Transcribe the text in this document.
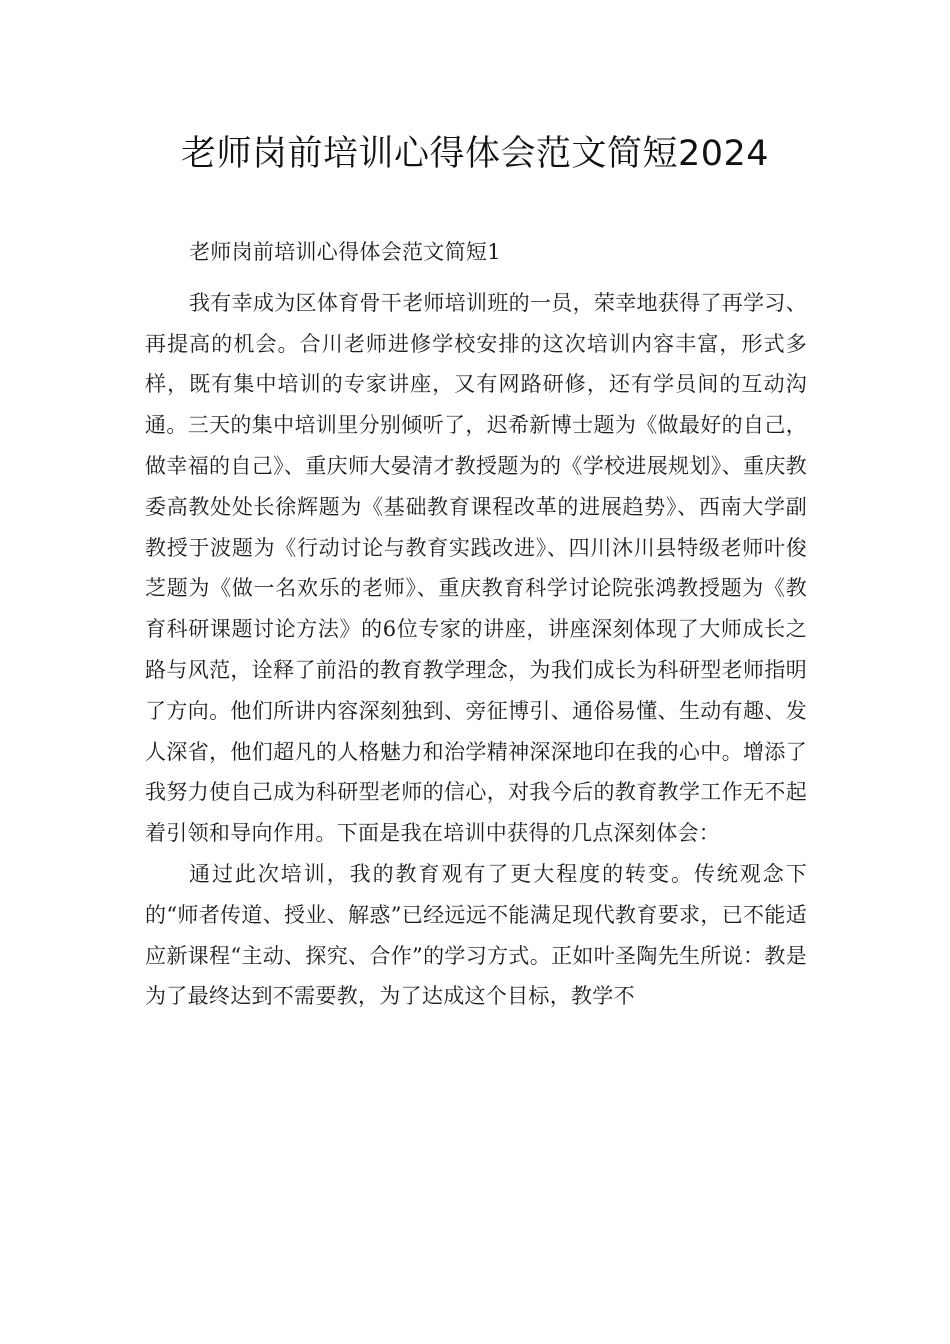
老师岗前培训心得体会范文简短2024

老师岗前培训心得体会范文简短1

我有幸成为区体育骨干老师培训班的一员，荣幸地获得了再学习、再提高的机会。合川老师进修学校安排的这次培训内容丰富，形式多样，既有集中培训的专家讲座，又有网路研修，还有学员间的互动沟通。三天的集中培训里分别倾听了，迟希新博士题为《做最好的自己，做幸福的自己》、重庆师大晏清才教授题为的《学校进展规划》、重庆教委高教处处长徐辉题为《基础教育课程改革的进展趋势》、西南大学副教授于波题为《行动讨论与教育实践改进》、四川沐川县特级老师叶俊芝题为《做一名欢乐的老师》、重庆教育科学讨论院张鸿教授题为《教育科研课题讨论方法》的6位专家的讲座，讲座深刻体现了大师成长之路与风范，诠释了前沿的教育教学理念，为我们成长为科研型老师指明了方向。他们所讲内容深刻独到、旁征博引、通俗易懂、生动有趣、发人深省，他们超凡的人格魅力和治学精神深深地印在我的心中。增添了我努力使自己成为科研型老师的信心，对我今后的教育教学工作无不起着引领和导向作用。下面是我在培训中获得的几点深刻体会：

通过此次培训，我的教育观有了更大程度的转变。传统观念下的“师者传道、授业、解惑”已经远远不能满足现代教育要求，已不能适应新课程“主动、探究、合作”的学习方式。正如叶圣陶先生所说：教是为了最终达到不需要教，为了达成这个目标，教学不
